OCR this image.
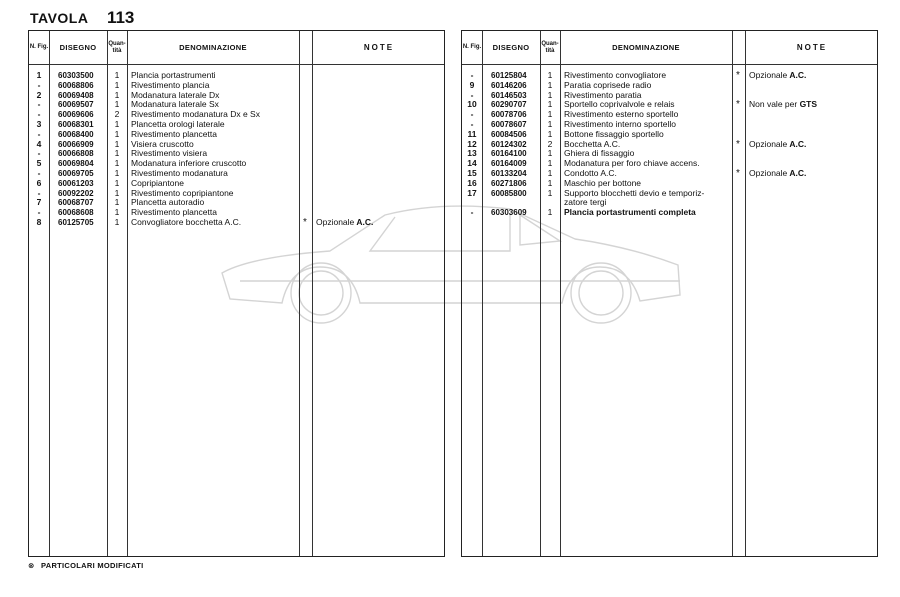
TAVOLA 113
N. Fig.	DISEGNO	Quan- tità	DENOMINAZIONE	NOTE
1	60303500	1	Plancia portastrumenti
-	60068806	1	Rivestimento plancia
2	60069408	1	Modanatura laterale Dx
-	60069507	1	Modanatura laterale Sx
-	60069606	2	Rivestimento modanatura Dx e Sx
3	60068301	1	Plancetta orologi laterale
-	60068400	1	Rivestimento plancetta
4	60066909	1	Visiera cruscotto
-	60066808	1	Rivestimento visiera
5	60069804	1	Modanatura inferiore cruscotto
-	60069705	1	Rivestimento modanatura
6	60061203	1	Copripiantone
-	60092202	1	Rivestimento copripiantone
7	60068707	1	Plancetta autoradio
-	60068608	1	Rivestimento plancetta
8	60125705	1	Convogliatore bocchetta A.C.	* Opzionale A.C.
N. Fig.	DISEGNO	Quan- tità	DENOMINAZIONE	NOTE
-	60125804	1	Rivestimento convogliatore	* Opzionale A.C.
9	60146206	1	Paratia coprisede radio
-	60146503	1	Rivestimento paratia
10	60290707	1	Sportello coprivalvole e relais	* Non vale per GTS
-	60078706	1	Rivestimento esterno sportello
-	60078607	1	Rivestimento interno sportello
11	60084506	1	Bottone fissaggio sportello
12	60124302	2	Bocchetta A.C.	* Opzionale A.C.
13	60164100	1	Ghiera di fissaggio
14	60164009	1	Modanatura per foro chiave accens.
15	60133204	1	Condotto A.C.	* Opzionale A.C.
16	60271806	1	Maschio per bottone
17	60085800	1	Supporto blocchetti devio e temporiz-
zatore tergi
-	60303609	1	Plancia portastrumenti completa
⊗ PARTICOLARI MODIFICATI
